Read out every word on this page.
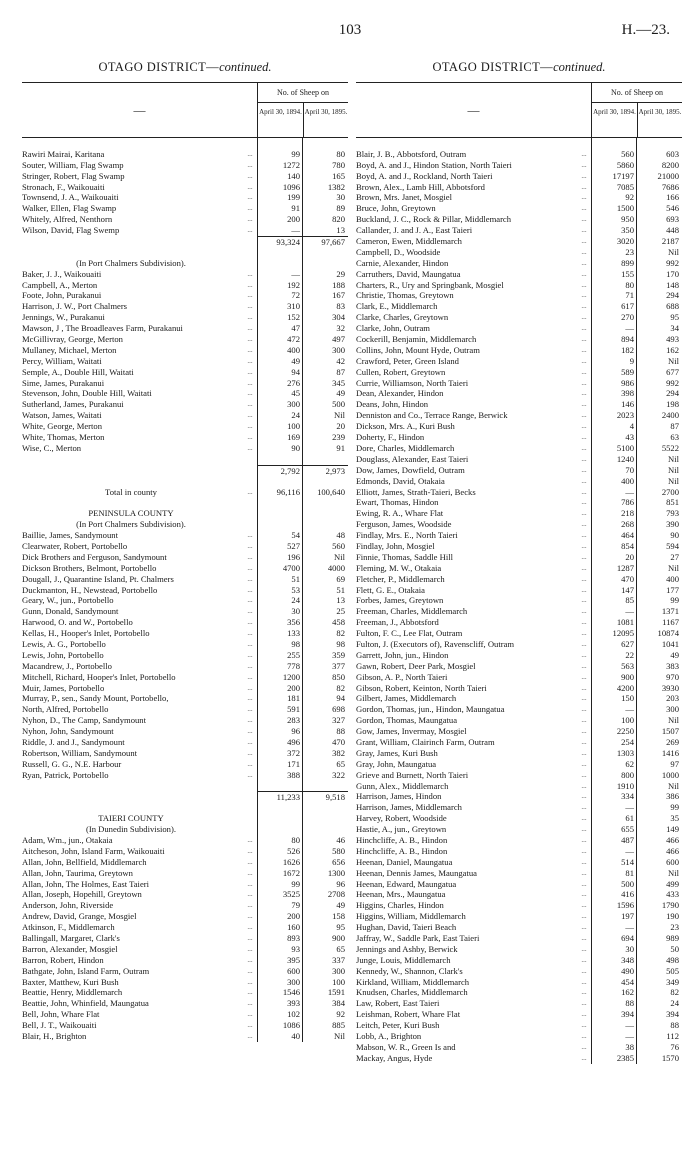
103	H.—23.
OTAGO DISTRICT—continued.
—
No. of Sheep on
April 30, 1894. April 30, 1895.
Rawiri Mairai, Karitana	...	99	80
Souter, William, Flag Swamp	...	1272	780
Stringer, Robert, Flag Swamp	...	140	165
Stronach, F., Waikouaiti	...	1096	1382
Townsend, J. A., Waikouaiti	...	199	30
Walker, Ellen, Flag Swamp	...	91	89
Whitely, Alfred, Nenthorn	...	200	820
Wilson, David, Flag Swemp	...	—	13
93,324	97,667
(In Port Chalmers Subdivision).
Baker, J. J., Waikouaiti	...	—	29
Campbell, A., Merton	...	192	188
Foote, John, Purakanui	...	72	167
Harrison, J. W., Port Chalmers	...	310	83
Jennings, W., Purakanui	...	152	304
Mawson, J , The Broadleaves Farm, Purakanui	...	47	32
McGillivray, George, Merton	...	472	497
Mullaney, Michael, Merton	...	400	300
Percy, William, Waitati	...	49	42
Semple, A., Double Hill, Waitati	...	94	87
Sime, James, Purakanui	...	276	345
Stevenson, John, Double Hill, Waitati	...	45	49
Sutherland, James, Purakanui	...	300	500
Watson, James, Waitati	...	24	Nil
White, George, Merton	...	100	20
White, Thomas, Merton	...	169	239
Wise, C., Merton	...	90	91
2,792	2,973
Total in county	...	96,116	100,640
PENINSULA COUNTY
(In Port Chalmers Subdivision).
Baillie, James, Sandymount	...	54	48
Clearwater, Robert, Portobello	...	527	560
Dick Brothers and Ferguson, Sandymount	...	196	Nil
Dickson Brothers, Belmont, Portobello	...	4700	4000
Dougall, J., Quarantine Island, Pt. Chalmers	...	51	69
Duckmanton, H., Newstead, Portobello	...	53	51
Geary, W., jun., Portobello	...	24	13
Gunn, Donald, Sandymount	...	30	25
Harwood, O. and W., Portobello	...	356	458
Kellas, H., Hooper's Inlet, Portobello	...	133	82
Lewis, A. G., Portobello	...	98	98
Lewis, John, Portobello	...	255	359
Macandrew, J., Portobello	...	778	377
Mitchell, Richard, Hooper's Inlet, Portobello	...	1200	850
Muir, James, Portobello	...	200	82
Murray, P., sen., Sandy Mount, Portobello,	...	181	94
North, Alfred, Portobello	...	591	698
Nyhon, D., The Camp, Sandymount	...	283	327
Nyhon, John, Sandymount	...	96	88
Riddle, J. and J., Sandymount	...	496	470
Robertson, William, Sandymount	...	372	382
Russell, G. G., N.E. Harbour	...	171	65
Ryan, Patrick, Portobello	...	388	322
11,233	9,518
TAIERI COUNTY
(In Dunedin Subdivision).
Adam, Wm., jun., Otakaia	...	80	46
Aitcheson, John, Island Farm, Waikouaiti	...	526	580
Allan, John, Bellfield, Middlemarch	...	1626	656
Allan, John, Taurima, Greytown	...	1672	1300
Allan, John, The Holmes, East Taieri	...	99	96
Allan, Joseph, Hopehill, Greytown	...	3525	2708
Anderson, John, Riverside	...	79	49
Andrew, David, Grange, Mosgiel	...	200	158
Atkinson, F., Middlemarch	...	160	95
Ballingall, Margaret, Clark's	...	893	900
Barron, Alexander, Mosgiel	...	93	65
Barron, Robert, Hindon	...	395	337
Bathgate, John, Island Farm, Outram	...	600	300
Baxter, Matthew, Kuri Bush	...	300	100
Beattie, Henry, Middlemarch	...	1546	1591
Beattie, John, Whinfield, Maungatua	...	393	384
Bell, John, Whare Flat	...	102	92
Bell, J. T., Waikouaiti	...	1086	885
Blair, H., Brighton	...	40	Nil
OTAGO DISTRICT—continued.
—
No. of Sheep on
April 30, 1894. April 30, 1895.
Blair, J. B., Abbotsford, Outram	...	560	603
Boyd, A. and J., Hindon Station, North Taieri	...	5860	8200
Boyd, A. and J., Rockland, North Taieri	...	17197	21000
Brown, Alex., Lamb Hill, Abbotsford	...	7085	7686
Brown, Mrs. Janet, Mosgiel	...	92	166
Bruce, John, Greytown	...	1500	546
Buckland, J. C., Rock & Pillar, Middlemarch	...	950	693
Callander, J. and J. A., East Taieri	...	350	448
Cameron, Ewen, Middlemarch	...	3020	2187
Campbell, D., Woodside	...	23	Nil
Carnie, Alexander, Hindon	...	899	992
Carruthers, David, Maungatua	...	155	170
Charters, R., Ury and Springbank, Mosgiel	...	80	148
Christie, Thomas, Greytown	...	71	294
Clark, E., Middlemarch	...	617	688
Clarke, Charles, Greytown	...	270	95
Clarke, John, Outram	...	—	34
Cockerill, Benjamin, Middlemarch	...	894	493
Collins, John, Mount Hyde, Outram	...	182	162
Crawford, Peter, Green Island	...	9	Nil
Cullen, Robert, Greytown	...	589	677
Currie, Williamson, North Taieri	...	986	992
Dean, Alexander, Hindon	...	398	294
Deans, John, Hindon	...	146	198
Denniston and Co., Terrace Range, Berwick	...	2023	2400
Dickson, Mrs. A., Kuri Bush	...	4	87
Doherty, F., Hindon	...	43	63
Dore, Charles, Middlemarch	...	5100	5522
Douglass, Alexander, East Taieri	...	1240	Nil
Dow, James, Dowfield, Outram	...	70	Nil
Edmonds, David, Otakaia	...	400	Nil
Elliott, James, Strath-Taieri, Becks	...	—	2700
Ewart, Thomas, Hindon	...	786	851
Ewing, R. A., Whare Flat	...	218	793
Ferguson, James, Woodside	...	268	390
Findlay, Mrs. E., North Taieri	...	464	90
Findlay, John, Mosgiel	...	854	594
Finnie, Thomas, Saddle Hill	...	20	27
Fleming, M. W., Otakaia	...	1287	Nil
Fletcher, P., Middlemarch	...	470	400
Flett, G. E., Otakaia	...	147	177
Forbes, James, Greytown	...	85	99
Freeman, Charles, Middlemarch	...	—	1371
Freeman, J., Abbotsford	...	1081	1167
Fulton, F. C., Lee Flat, Outram	...	12095	10874
Fulton, J. (Executors of), Ravenscliff, Outram	...	627	1041
Garrett, John, jun., Hindon	...	22	49
Gawn, Robert, Deer Park, Mosgiel	...	563	383
Gibson, A. P., North Taieri	...	900	970
Gibson, Robert, Keinton, North Taieri	...	4200	3930
Gilbert, James, Middlemarch	...	150	203
Gordon, Thomas, jun., Hindon, Maungatua	...	—	300
Gordon, Thomas, Maungatua	...	100	Nil
Gow, James, Invermay, Mosgiel	...	2250	1507
Grant, William, Clairinch Farm, Outram	...	254	269
Gray, James, Kuri Bush	...	1303	1416
Gray, John, Maungatua	...	62	97
Grieve and Burnett, North Taieri	...	800	1000
Gunn, Alex., Middlemarch	...	1910	Nil
Harrison, James, Hindon	...	334	386
Harrison, James, Middlemarch	...	—	99
Harvey, Robert, Woodside	...	61	35
Hastie, A., jun., Greytown	...	655	149
Hinchcliffe, A. B., Hindon	...	487	466
Hinchcliffe, A. B., Hindon	...	—	466
Heenan, Daniel, Maungatua	...	514	600
Heenan, Dennis James, Maungatua	...	81	Nil
Heenan, Edward, Maungatua	...	500	499
Heenan, Mrs., Maungatua	...	416	433
Higgins, Charles, Hindon	...	1596	1790
Higgins, William, Middlemarch	...	197	190
Hughan, David, Taieri Beach	...	—	23
Jaffray, W., Saddle Park, East Taieri	...	694	989
Jennings and Ashby, Berwick	...	30	50
Junge, Louis, Middlemarch	...	348	498
Kennedy, W., Shannon, Clark's	...	490	505
Kirkland, William, Middlemarch	...	454	349
Knudsen, Charles, Middlemarch	...	162	82
Law, Robert, East Taieri	...	88	24
Leishman, Robert, Whare Flat	...	394	394
Leitch, Peter, Kuri Bush	...	—	88
Lobb, A., Brighton	...	—	112
Mabson, W. R., Green Is and	...	38	76
Mackay, Angus, Hyde	...	2385	1570
